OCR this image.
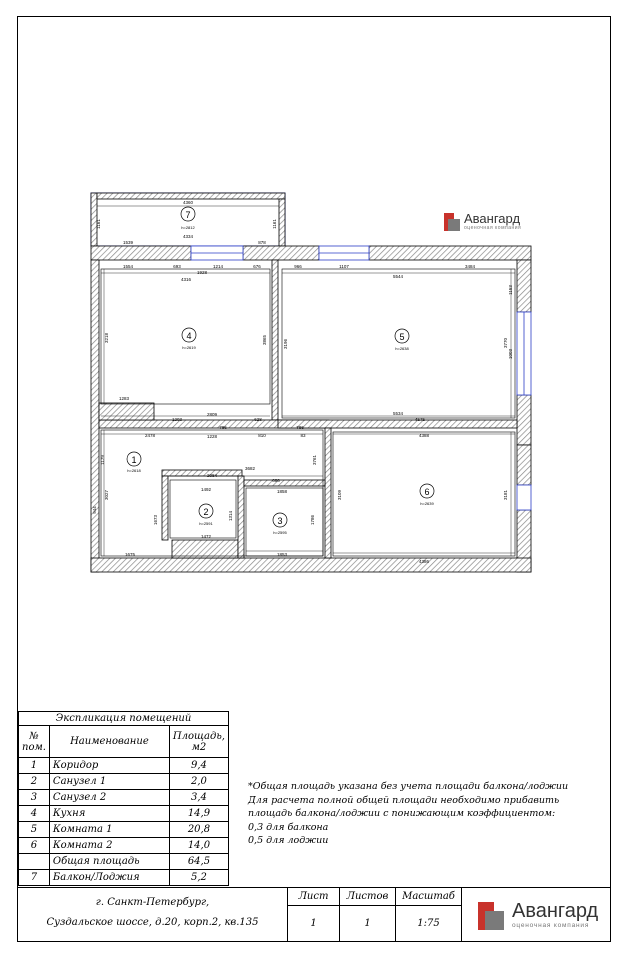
7
h=2812
4
h=2619
5
h=2638
1
h=2618
2
h=2591	3
h=2595
6
h=2639
4360
4334
1161	1161
1539	878
1554	693	1214	676
1928
4316
966	1107
5544
3484
3218	3865	3196	3770
1153
1003
1283
1203
2809
628
5534
4575
2478
786	786
1228	810	83	4388
3682
2084
686
1858
1492
3109	3181
1472
1853
4386
1675
1673	1314	1786
1179
3027
944
3761
Авангард
оценочная компания
Экспликация помещений		
№ пом.	Наименование	Площадь, м2
1	Коридор	9,4
2	Санузел 1	2,0
3	Санузел 2	3,4
4	Кухня	14,9
5	Комната 1	20,8
6	Комната 2	14,0
	Общая площадь	64,5
7	Балкон/Лоджия	5,2
*Общая площадь указана без учета площади балкона/лоджии
Для расчета полной общей площади необходимо прибавить
площадь балкона/лоджии с понижающим коэффициентом:
0,3 для балкона
0,5 для лоджии
г. Санкт-Петербург,
Суздальское шоссе, д.20, корп.2, кв.135
Лист
1
Листов
1
Масштаб
1:75
Авангард
оценочная компания
